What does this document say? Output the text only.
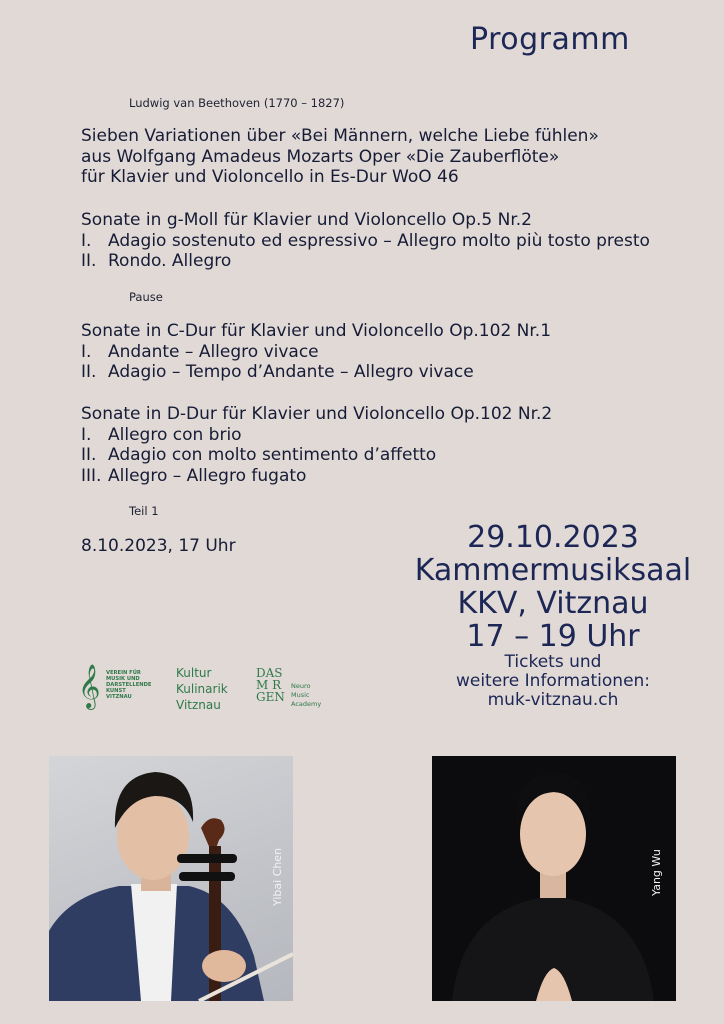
Programm
Ludwig van Beethoven (1770 – 1827)
Sieben Variationen über «Bei Männern, welche Liebe fühlen»
aus Wolfgang Amadeus Mozarts Oper «Die Zauberflöte»
für Klavier und Violoncello in Es-Dur WoO 46
Sonate in g-Moll für Klavier und Violoncello Op.5 Nr.2
I. Adagio sostenuto ed espressivo – Allegro molto più tosto presto
II. Rondo. Allegro
Pause
Sonate in C-Dur für Klavier und Violoncello Op.102 Nr.1
I. Andante – Allegro vivace
II. Adagio – Tempo d’Andante – Allegro vivace
Sonate in D-Dur für Klavier und Violoncello Op.102 Nr.2
I. Allegro con brio
II. Adagio con molto sentimento d’affetto
III. Allegro – Allegro fugato
Teil 1
8.10.2023, 17 Uhr	29.10.2023
Kammermusiksaal
KKV, Vitznau
17 – 19 Uhr
Tickets und
weitere Informationen:
muk-vitznau.ch
𝄞 VEREIN FÜR
MUSIK UND
DARSTELLENDE KUNST
VITZNAU
Kultur
Kulinarik
Vitznau
DAS
M R
GEN
Neuro
Music
Academy
Yibai Chen	Yang Wu
